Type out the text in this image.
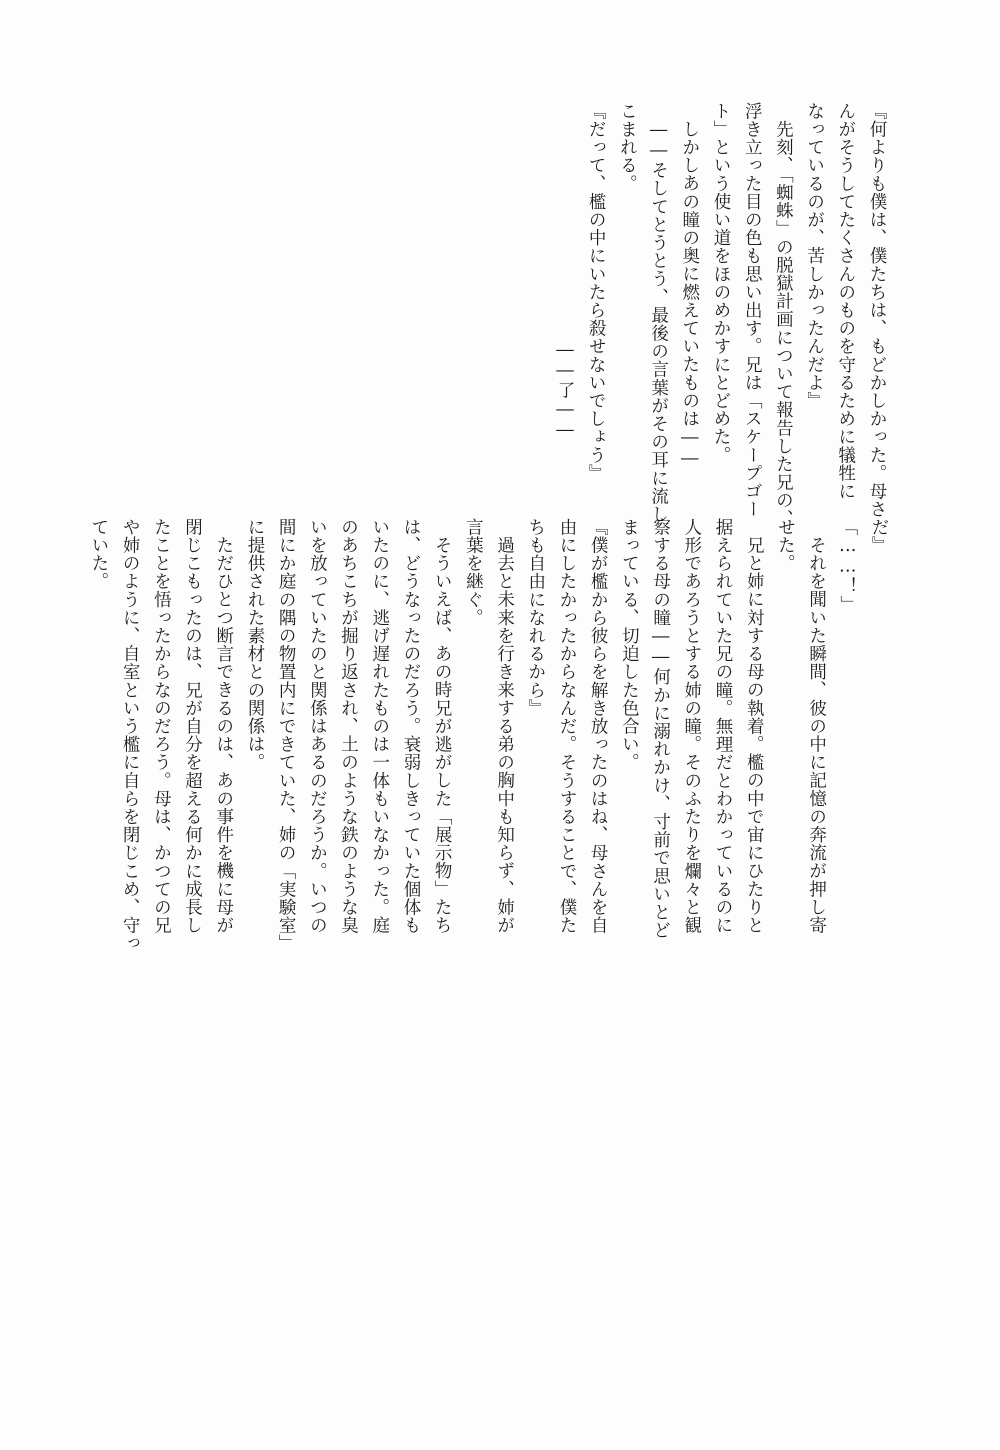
『何よりも僕は、僕たちは、もどかしかった。母さ
んがそうしてたくさんのものを守るために犠牲に
なっているのが、苦しかったんだよ』
先刻、「蜘蛛」の脱獄計画について報告した兄の、
浮き立った目の色も思い出す。兄は「スケープゴー
ト」という使い道をほのめかすにとどめた。
しかしあの瞳の奥に燃えていたものは――
――そしてとうとう、最後の言葉がその耳に流し
こまれる。
『だって、檻の中にいたら殺せないでしょう』
――了――
だ』
「……！」
それを聞いた瞬間、彼の中に記憶の奔流が押し寄
せた。
兄と姉に対する母の執着。檻の中で宙にひたりと
据えられていた兄の瞳。無理だとわかっているのに
人形であろうとする姉の瞳。そのふたりを爛々と観
察する母の瞳――何かに溺れかけ、寸前で思いとど
まっている、切迫した色合い。
『僕が檻から彼らを解き放ったのはね、母さんを自
由にしたかったからなんだ。そうすることで、僕た
ちも自由になれるから』
過去と未来を行き来する弟の胸中も知らず、姉が
言葉を継ぐ。
そういえば、あの時兄が逃がした「展示物」たち
は、どうなったのだろう。衰弱しきっていた個体も
いたのに、逃げ遅れたものは一体もいなかった。庭
のあちこちが掘り返され、土のような鉄のような臭
いを放っていたのと関係はあるのだろうか。いつの
間にか庭の隅の物置内にできていた、姉の「実験室」
に提供された素材との関係は。
ただひとつ断言できるのは、あの事件を機に母が
閉じこもったのは、兄が自分を超える何かに成長し
たことを悟ったからなのだろう。母は、かつての兄
や姉のように、自室という檻に自らを閉じこめ、守っ
ていた。
